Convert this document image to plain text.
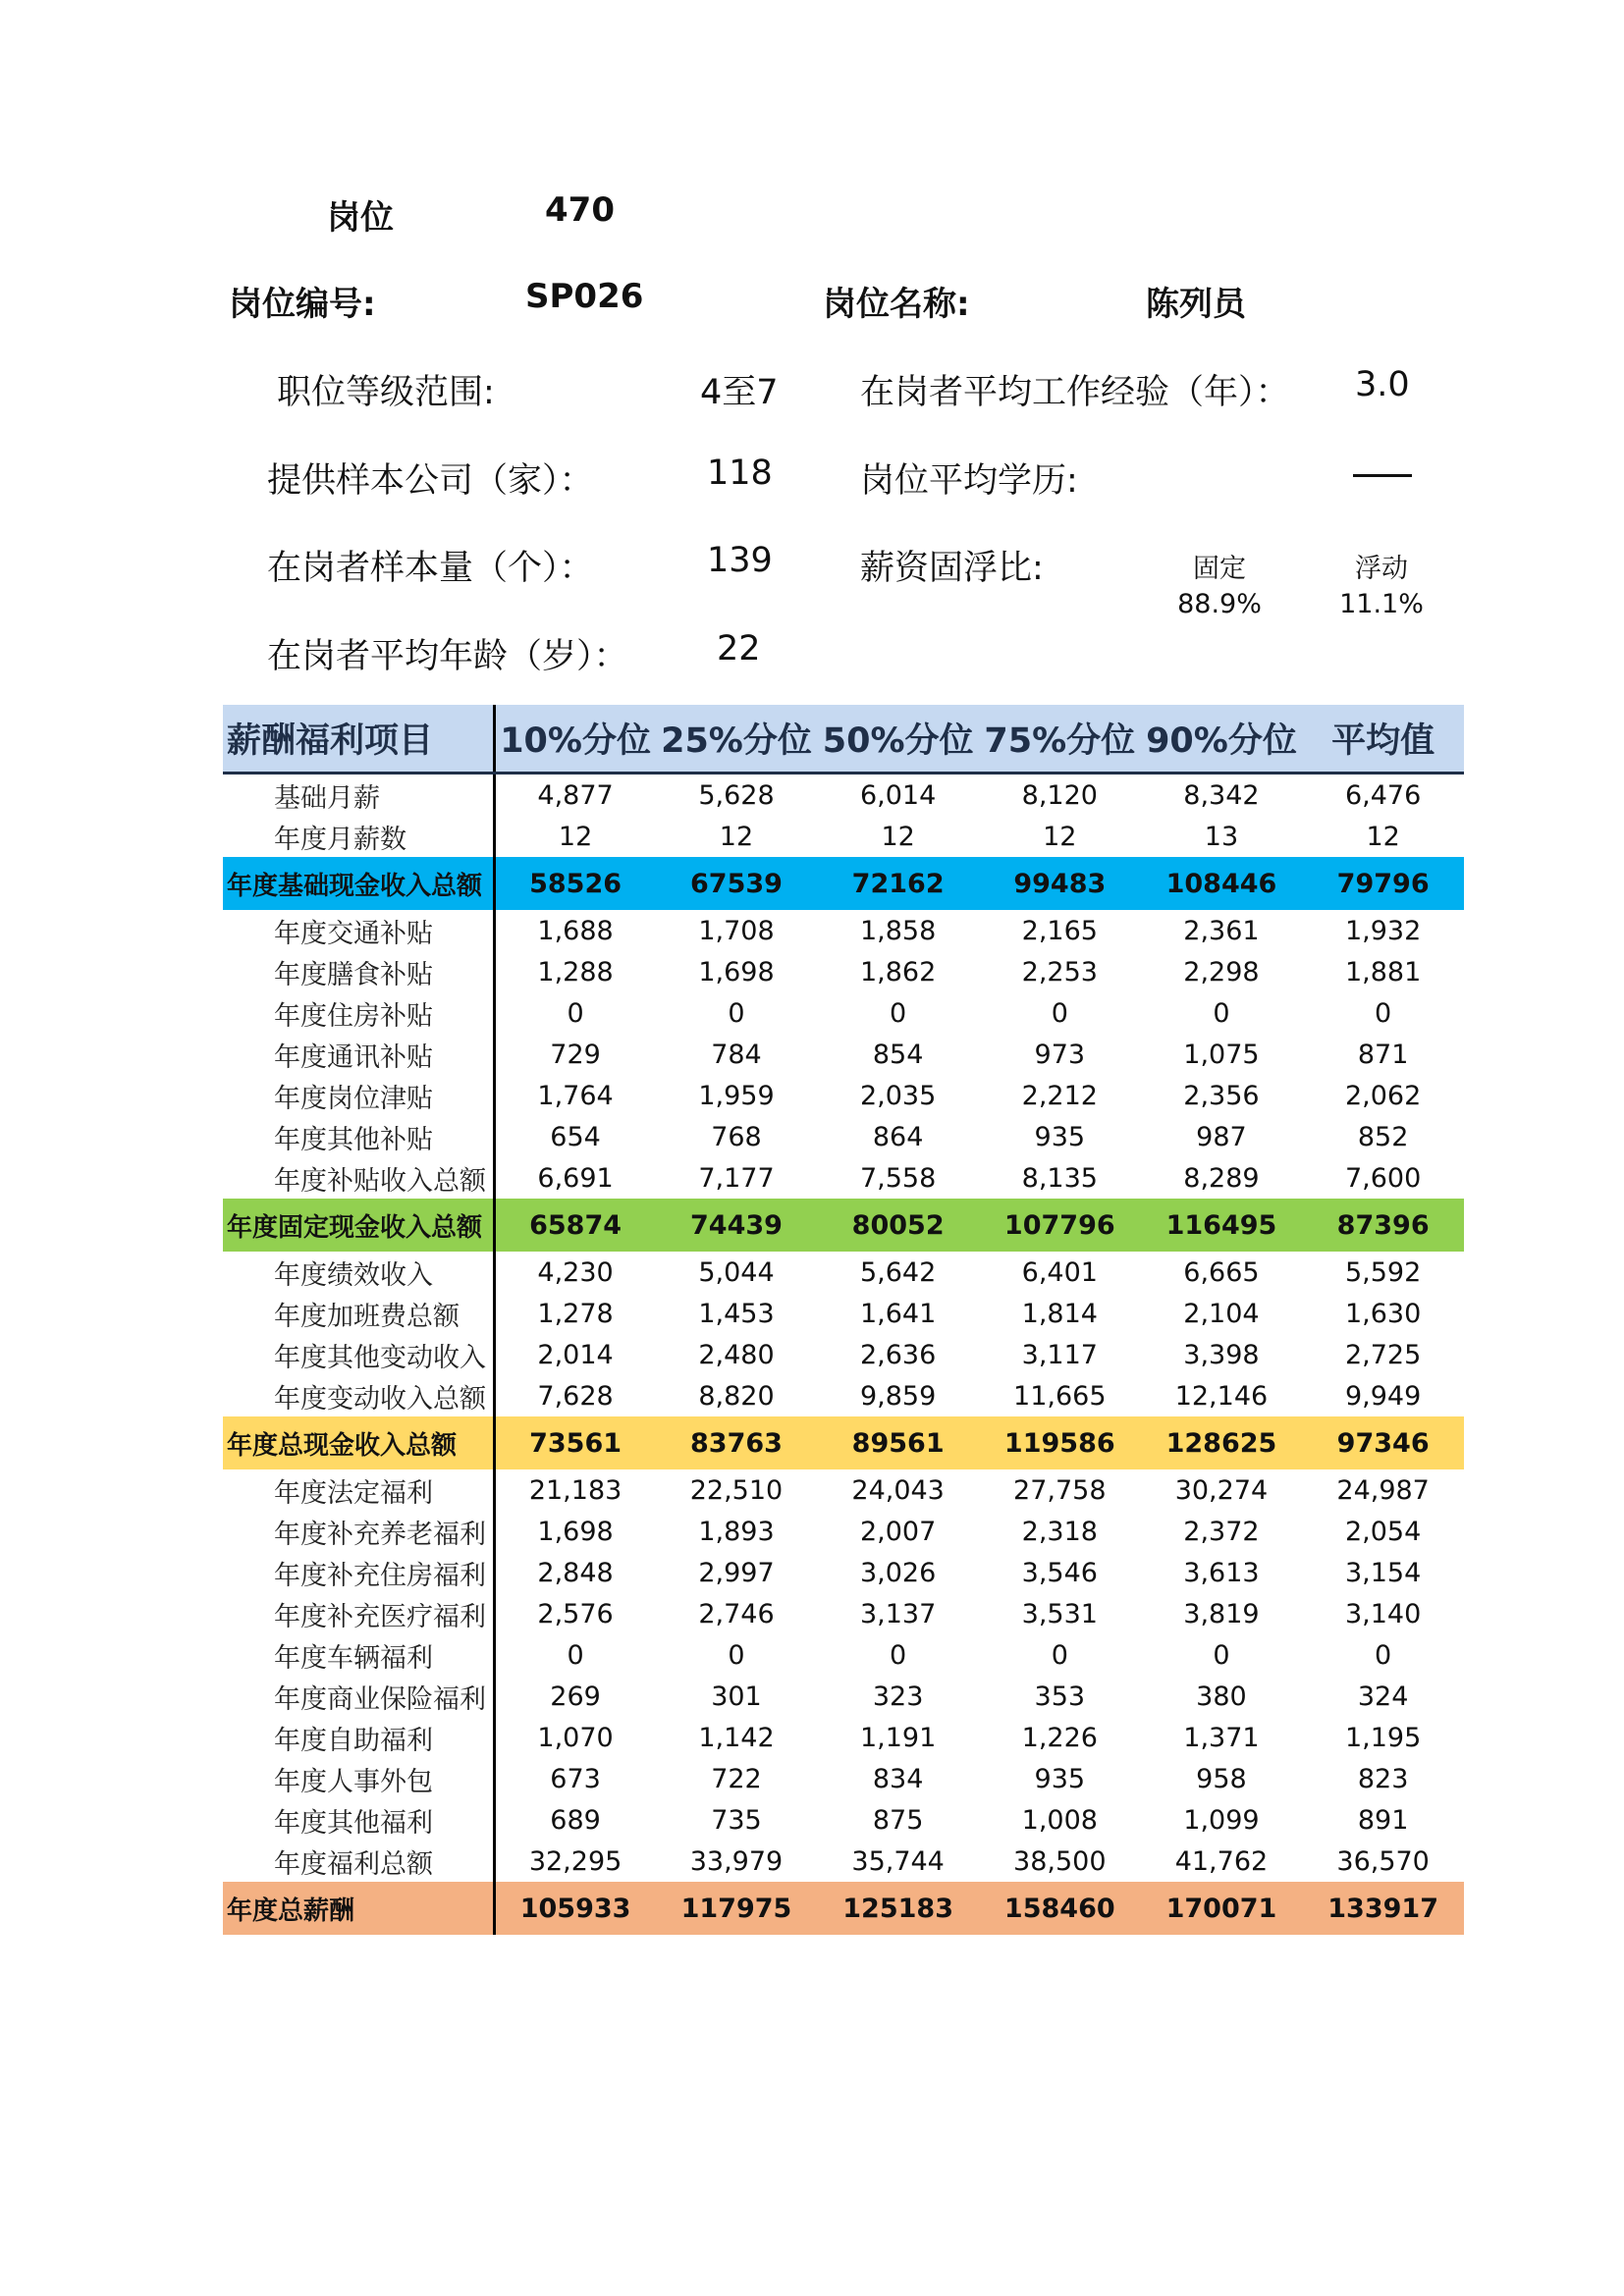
岗位	470
岗位编号:	SP026	岗位名称:	陈列员
职位等级范围:	4至7 在岗者平均工作经验（年）： 3.0
提供样本公司（家）：	118	岗位平均学历:
在岗者样本量（个）：	139	薪资固浮比:	固定	浮动
88.9%	11.1%
在岗者平均年龄（岁）：	22
薪酬福利项目	10%分位	25%分位	50%分位	75%分位	90%分位	平均值
基础月薪	4,877	5,628	6,014	8,120	8,342	6,476
年度月薪数	12	12	12	12	13	12
年度基础现金收入总额	58526	67539	72162	99483	108446	79796
年度交通补贴	1,688	1,708	1,858	2,165	2,361	1,932
年度膳食补贴	1,288	1,698	1,862	2,253	2,298	1,881
年度住房补贴	0	0	0	0	0	0
年度通讯补贴	729	784	854	973	1,075	871
年度岗位津贴	1,764	1,959	2,035	2,212	2,356	2,062
年度其他补贴	654	768	864	935	987	852
年度补贴收入总额	6,691	7,177	7,558	8,135	8,289	7,600
年度固定现金收入总额	65874	74439	80052	107796	116495	87396
年度绩效收入	4,230	5,044	5,642	6,401	6,665	5,592
年度加班费总额	1,278	1,453	1,641	1,814	2,104	1,630
年度其他变动收入	2,014	2,480	2,636	3,117	3,398	2,725
年度变动收入总额	7,628	8,820	9,859	11,665	12,146	9,949
年度总现金收入总额	73561	83763	89561	119586	128625	97346
年度法定福利	21,183	22,510	24,043	27,758	30,274	24,987
年度补充养老福利	1,698	1,893	2,007	2,318	2,372	2,054
年度补充住房福利	2,848	2,997	3,026	3,546	3,613	3,154
年度补充医疗福利	2,576	2,746	3,137	3,531	3,819	3,140
年度车辆福利	0	0	0	0	0	0
年度商业保险福利	269	301	323	353	380	324
年度自助福利	1,070	1,142	1,191	1,226	1,371	1,195
年度人事外包	673	722	834	935	958	823
年度其他福利	689	735	875	1,008	1,099	891
年度福利总额	32,295	33,979	35,744	38,500	41,762	36,570
年度总薪酬	105933	117975	125183	158460	170071	133917
